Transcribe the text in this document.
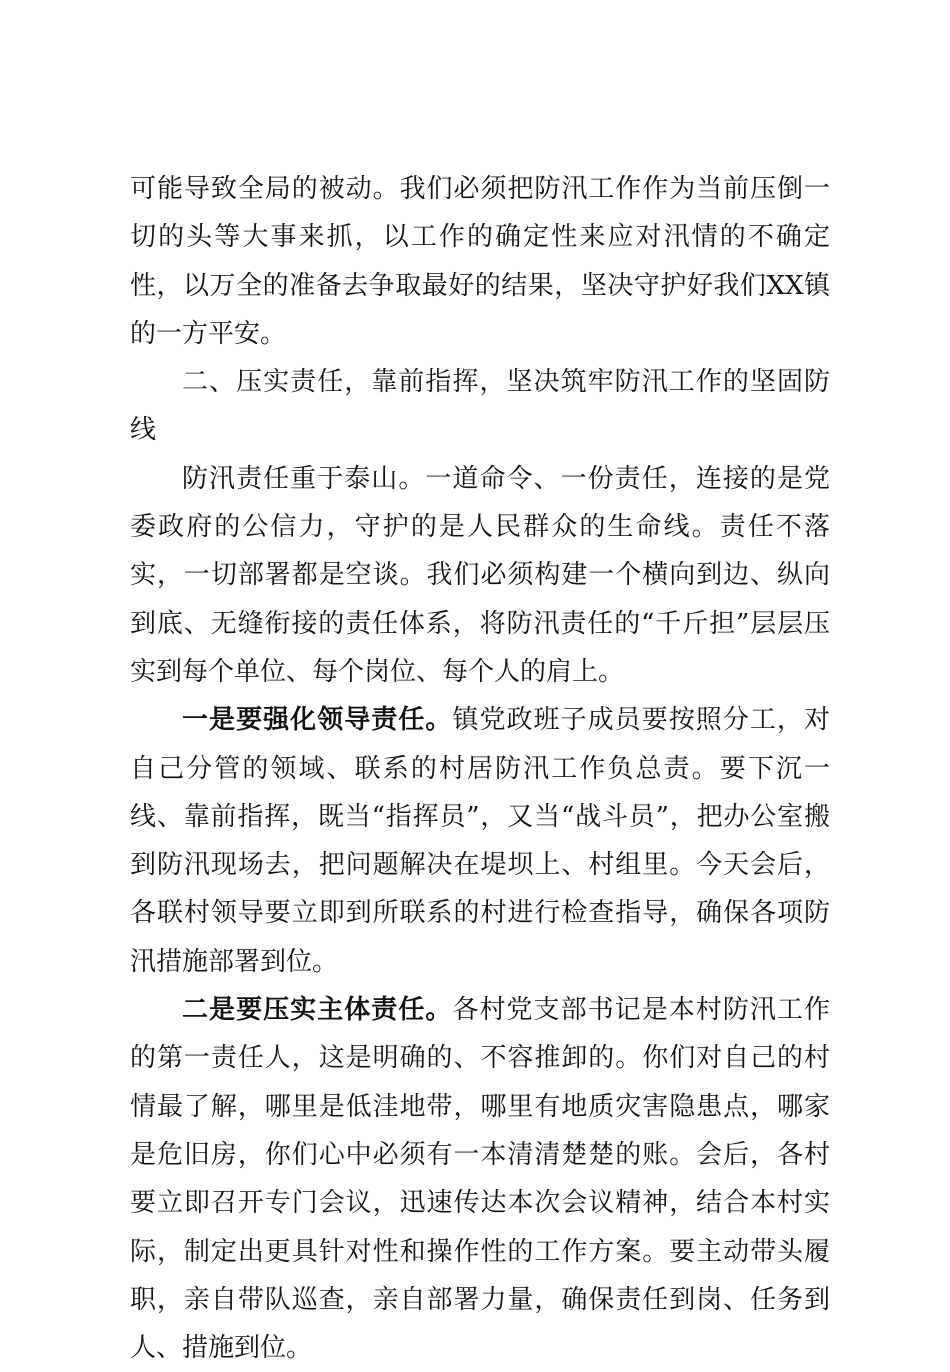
可能导致全局的被动。我们必须把防汛工作作为当前压倒一切的头等大事来抓，以工作的确定性来应对汛情的不确定性，以万全的准备去争取最好的结果，坚决守护好我们XX镇的一方平安。

二、压实责任，靠前指挥，坚决筑牢防汛工作的坚固防线

防汛责任重于泰山。一道命令、一份责任，连接的是党委政府的公信力，守护的是人民群众的生命线。责任不落实，一切部署都是空谈。我们必须构建一个横向到边、纵向到底、无缝衔接的责任体系，将防汛责任的“千斤担”层层压实到每个单位、每个岗位、每个人的肩上。

一是要强化领导责任。镇党政班子成员要按照分工，对自己分管的领域、联系的村居防汛工作负总责。要下沉一线、靠前指挥，既当“指挥员”，又当“战斗员”，把办公室搬到防汛现场去，把问题解决在堤坝上、村组里。今天会后，各联村领导要立即到所联系的村进行检查指导，确保各项防汛措施部署到位。

二是要压实主体责任。各村党支部书记是本村防汛工作的第一责任人，这是明确的、不容推卸的。你们对自己的村情最了解，哪里是低洼地带，哪里有地质灾害隐患点，哪家是危旧房，你们心中必须有一本清清楚楚的账。会后，各村要立即召开专门会议，迅速传达本次会议精神，结合本村实际，制定出更具针对性和操作性的工作方案。要主动带头履职，亲自带队巡查，亲自部署力量，确保责任到岗、任务到人、措施到位。
